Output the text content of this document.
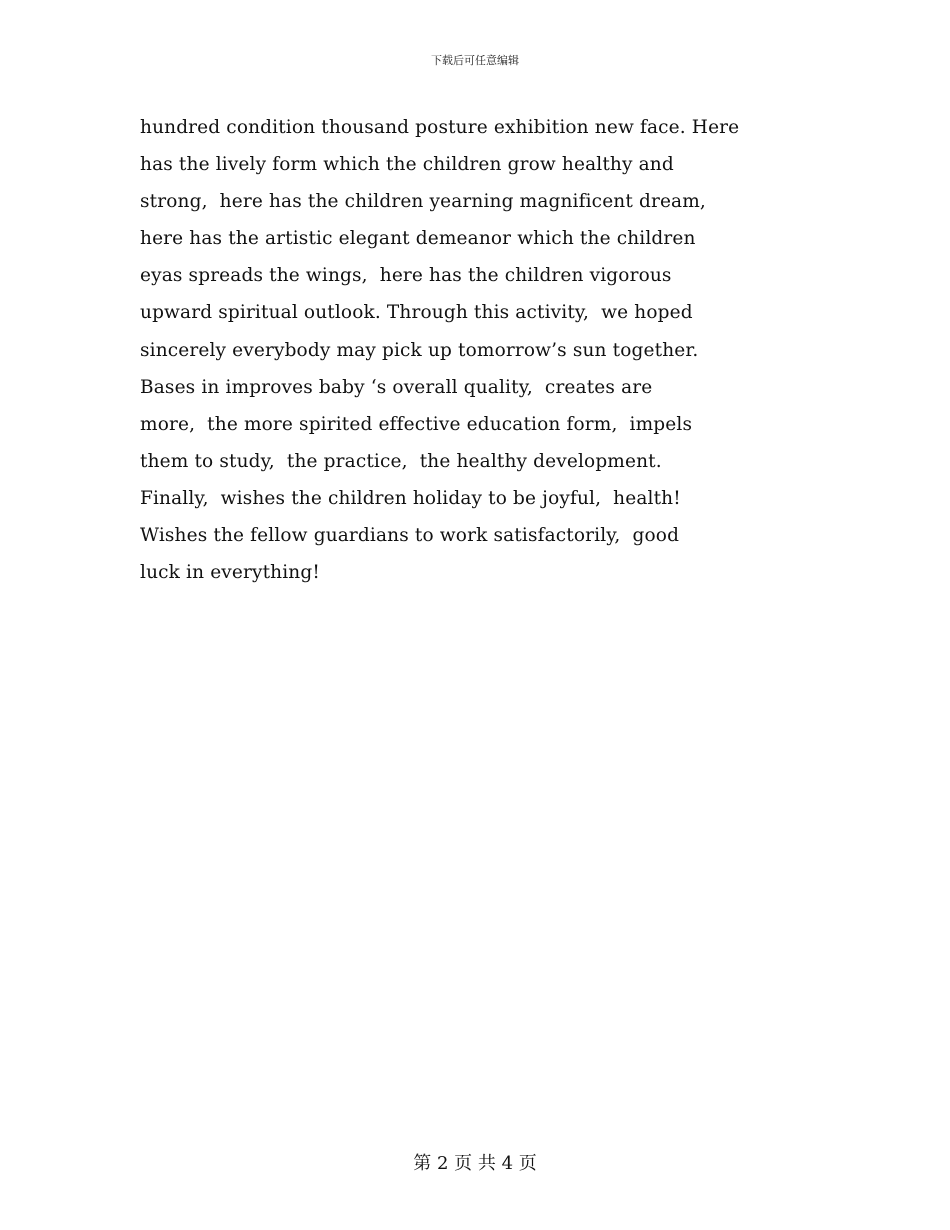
下载后可任意编辑
hundred condition thousand posture exhibition new face. Here
has the lively form which the children grow healthy and
strong,  here has the children yearning magnificent dream,
here has the artistic elegant demeanor which the children
eyas spreads the wings,  here has the children vigorous
upward spiritual outlook. Through this activity,  we hoped
sincerely everybody may pick up tomorrow’s sun together.
Bases in improves baby ‘s overall quality,  creates are
more,  the more spirited effective education form,  impels
them to study,  the practice,  the healthy development.
Finally,  wishes the children holiday to be joyful,  health!
Wishes the fellow guardians to work satisfactorily,  good
luck in everything!
第 2 页 共 4 页
